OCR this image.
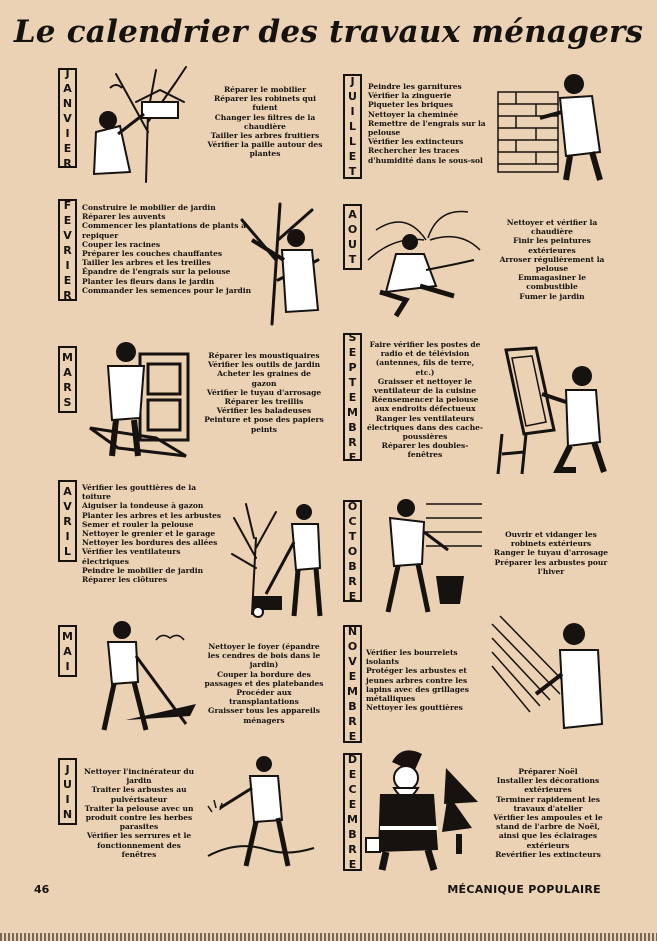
Le calendrier des travaux ménagers
J
A
N
V
I
E
R
J
U
I
L
L
E
T
F
E
V
R
I
E
R
A
O
U
T
M
A
R
S
S
E
P
T
E
M
B
R
E
A
V
R
I
L
O
C
T
O
B
R
E
M
A
I
N
O
V
E
M
B
R
E
J
U
I
N
D
E
C
E
M
B
R
E
Réparer le mobilier
Réparer les robinets qui fuient
Changer les filtres de la chaudière
Tailler les arbres fruitiers
Vérifier la paille autour des plantes
Peindre les garnitures
Vérifier la zinguerie
Piqueter les briques
Nettoyer la cheminée
Remettre de l'engrais sur la pelouse
Vérifier les extincteurs
Rechercher les traces d'humidité dans le sous-sol
Construire le mobilier de jardin
Réparer les auvents
Commencer les plantations de plants à repiquer
Couper les racines
Préparer les couches chauffantes
Tailler les arbres et les treilles
Épandre de l'engrais sur la pelouse
Planter les fleurs dans le jardin
Commander les semences pour le jardin
Nettoyer et vérifier la chaudière
Finir les peintures extérieures
Arroser régulièrement la pelouse
Emmagasiner le combustible
Fumer le jardin
Réparer les moustiquaires
Vérifier les outils de jardin
Acheter les graines de gazon
Vérifier le tuyau d'arrosage
Réparer les treillis
Vérifier les baladeuses
Peinture et pose des papiers peints
Faire vérifier les postes de radio et de télévision (antennes, fils de terre, etc.)
Graisser et nettoyer le ventilateur de la cuisine
Réensemencer la pelouse aux endroits défectueux
Ranger les ventilateurs électriques dans des cache-poussières
Réparer les doubles-fenêtres
Vérifier les gouttières de la toiture
Aiguiser la tondeuse à gazon
Planter les arbres et les arbustes
Semer et rouler la pelouse
Nettoyer le grenier et le garage
Nettoyer les bordures des allées
Vérifier les ventilateurs électriques
Peindre le mobilier de jardin
Réparer les clôtures
Ouvrir et vidanger les robinets extérieurs
Ranger le tuyau d'arrosage
Préparer les arbustes pour l'hiver
Nettoyer le foyer (épandre les cendres de bois dans le jardin)
Couper la bordure des passages et des platebandes
Procéder aux transplantations
Graisser tous les appareils ménagers
Vérifier les bourrelets isolants
Protéger les arbustes et jeunes arbres contre les lapins avec des grillages métalliques
Nettoyer les gouttières
Nettoyer l'incinérateur du jardin
Traiter les arbustes au pulvérisateur
Traiter la pelouse avec un produit contre les herbes parasites
Vérifier les serrures et le fonctionnement des fenêtres
Préparer Noël
Installer les décorations extérieures
Terminer rapidement les travaux d'atelier
Vérifier les ampoules et le stand de l'arbre de Noël, ainsi que les éclairages extérieurs
Revérifier les extincteurs
46	MÉCANIQUE POPULAIRE
